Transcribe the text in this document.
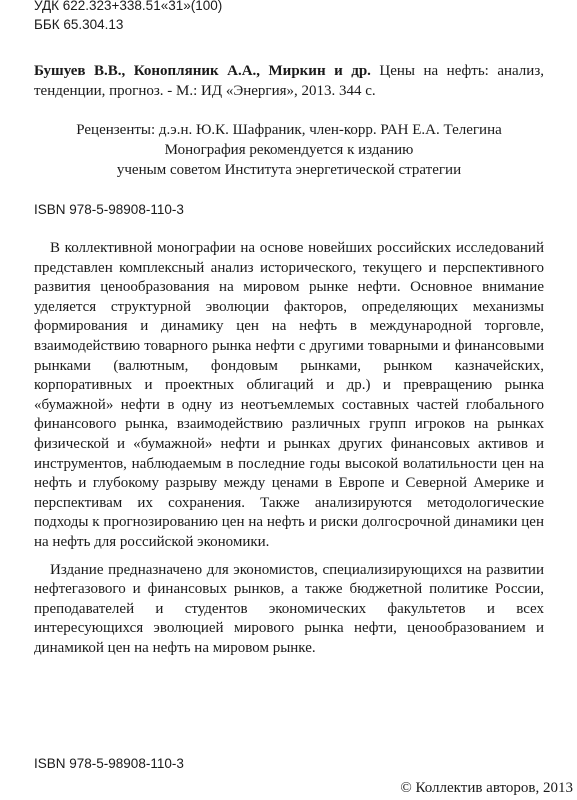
УДК 622.323+338.51«31»(100)
ББК 65.304.13
Бушуев В.В., Конопляник А.А., Миркин и др. Цены на нефть: анализ, тенденции, прогноз. - М.: ИД «Энергия», 2013. 344 с.
Рецензенты: д.э.н. Ю.К. Шафраник, член-корр. РАН Е.А. Телегина
Монография рекомендуется к изданию
ученым советом Института энергетической стратегии
ISBN 978-5-98908-110-3

В коллективной монографии на основе новейших российских исследований представлен комплексный анализ исторического, текущего и перспективного развития ценообразования на мировом рынке нефти. Основное внимание уделяется структурной эволюции факторов, определяющих механизмы формирования и динамику цен на нефть в международной торговле, взаимодействию товарного рынка нефти с другими товарными и финансовыми рынками (валютным, фондовым рынками, рынком казначейских, корпоративных и проектных облигаций и др.) и превращению рынка «бумажной» нефти в одну из неотъемлемых составных частей глобального финансового рынка, взаимодействию различных групп игроков на рынках физической и «бумажной» нефти и рынках других финансовых активов и инструментов, наблюдаемым в последние годы высокой волатильности цен на нефть и глубокому разрыву между ценами в Европе и Северной Америке и перспективам их сохранения. Также анализируются методологические подходы к прогнозированию цен на нефть и риски долгосрочной динамики цен на нефть для российской экономики.

Издание предназначено для экономистов, специализирующихся на развитии нефтегазового и финансовых рынков, а также бюджетной политике России, преподавателей и студентов экономических факультетов и всех интересующихся эволюцией мирового рынка нефти, ценообразованием и динамикой цен на нефть на мировом рынке.

ISBN 978-5-98908-110-3
© Коллектив авторов, 2013
